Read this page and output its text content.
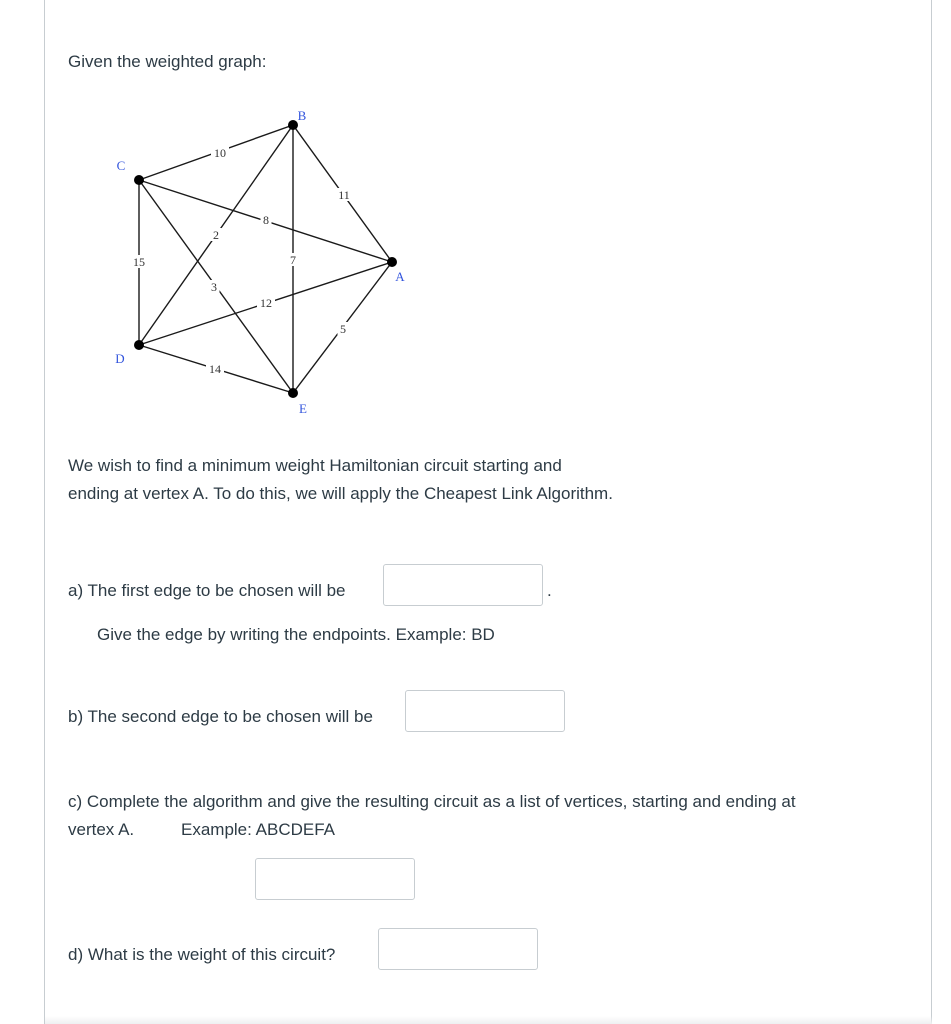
Given the weighted graph:
10
11
2
8
15
3
7
12
5
14
B
C
A
D
E
We wish to find a minimum weight Hamiltonian circuit starting and
ending at vertex A. To do this, we will apply the Cheapest Link Algorithm.
a) The first edge to be chosen will be	.
Give the edge by writing the endpoints. Example: BD
b) The second edge to be chosen will be
c) Complete the algorithm and give the resulting circuit as a list of vertices, starting and ending at
vertex A.	Example: ABCDEFA
d) What is the weight of this circuit?
